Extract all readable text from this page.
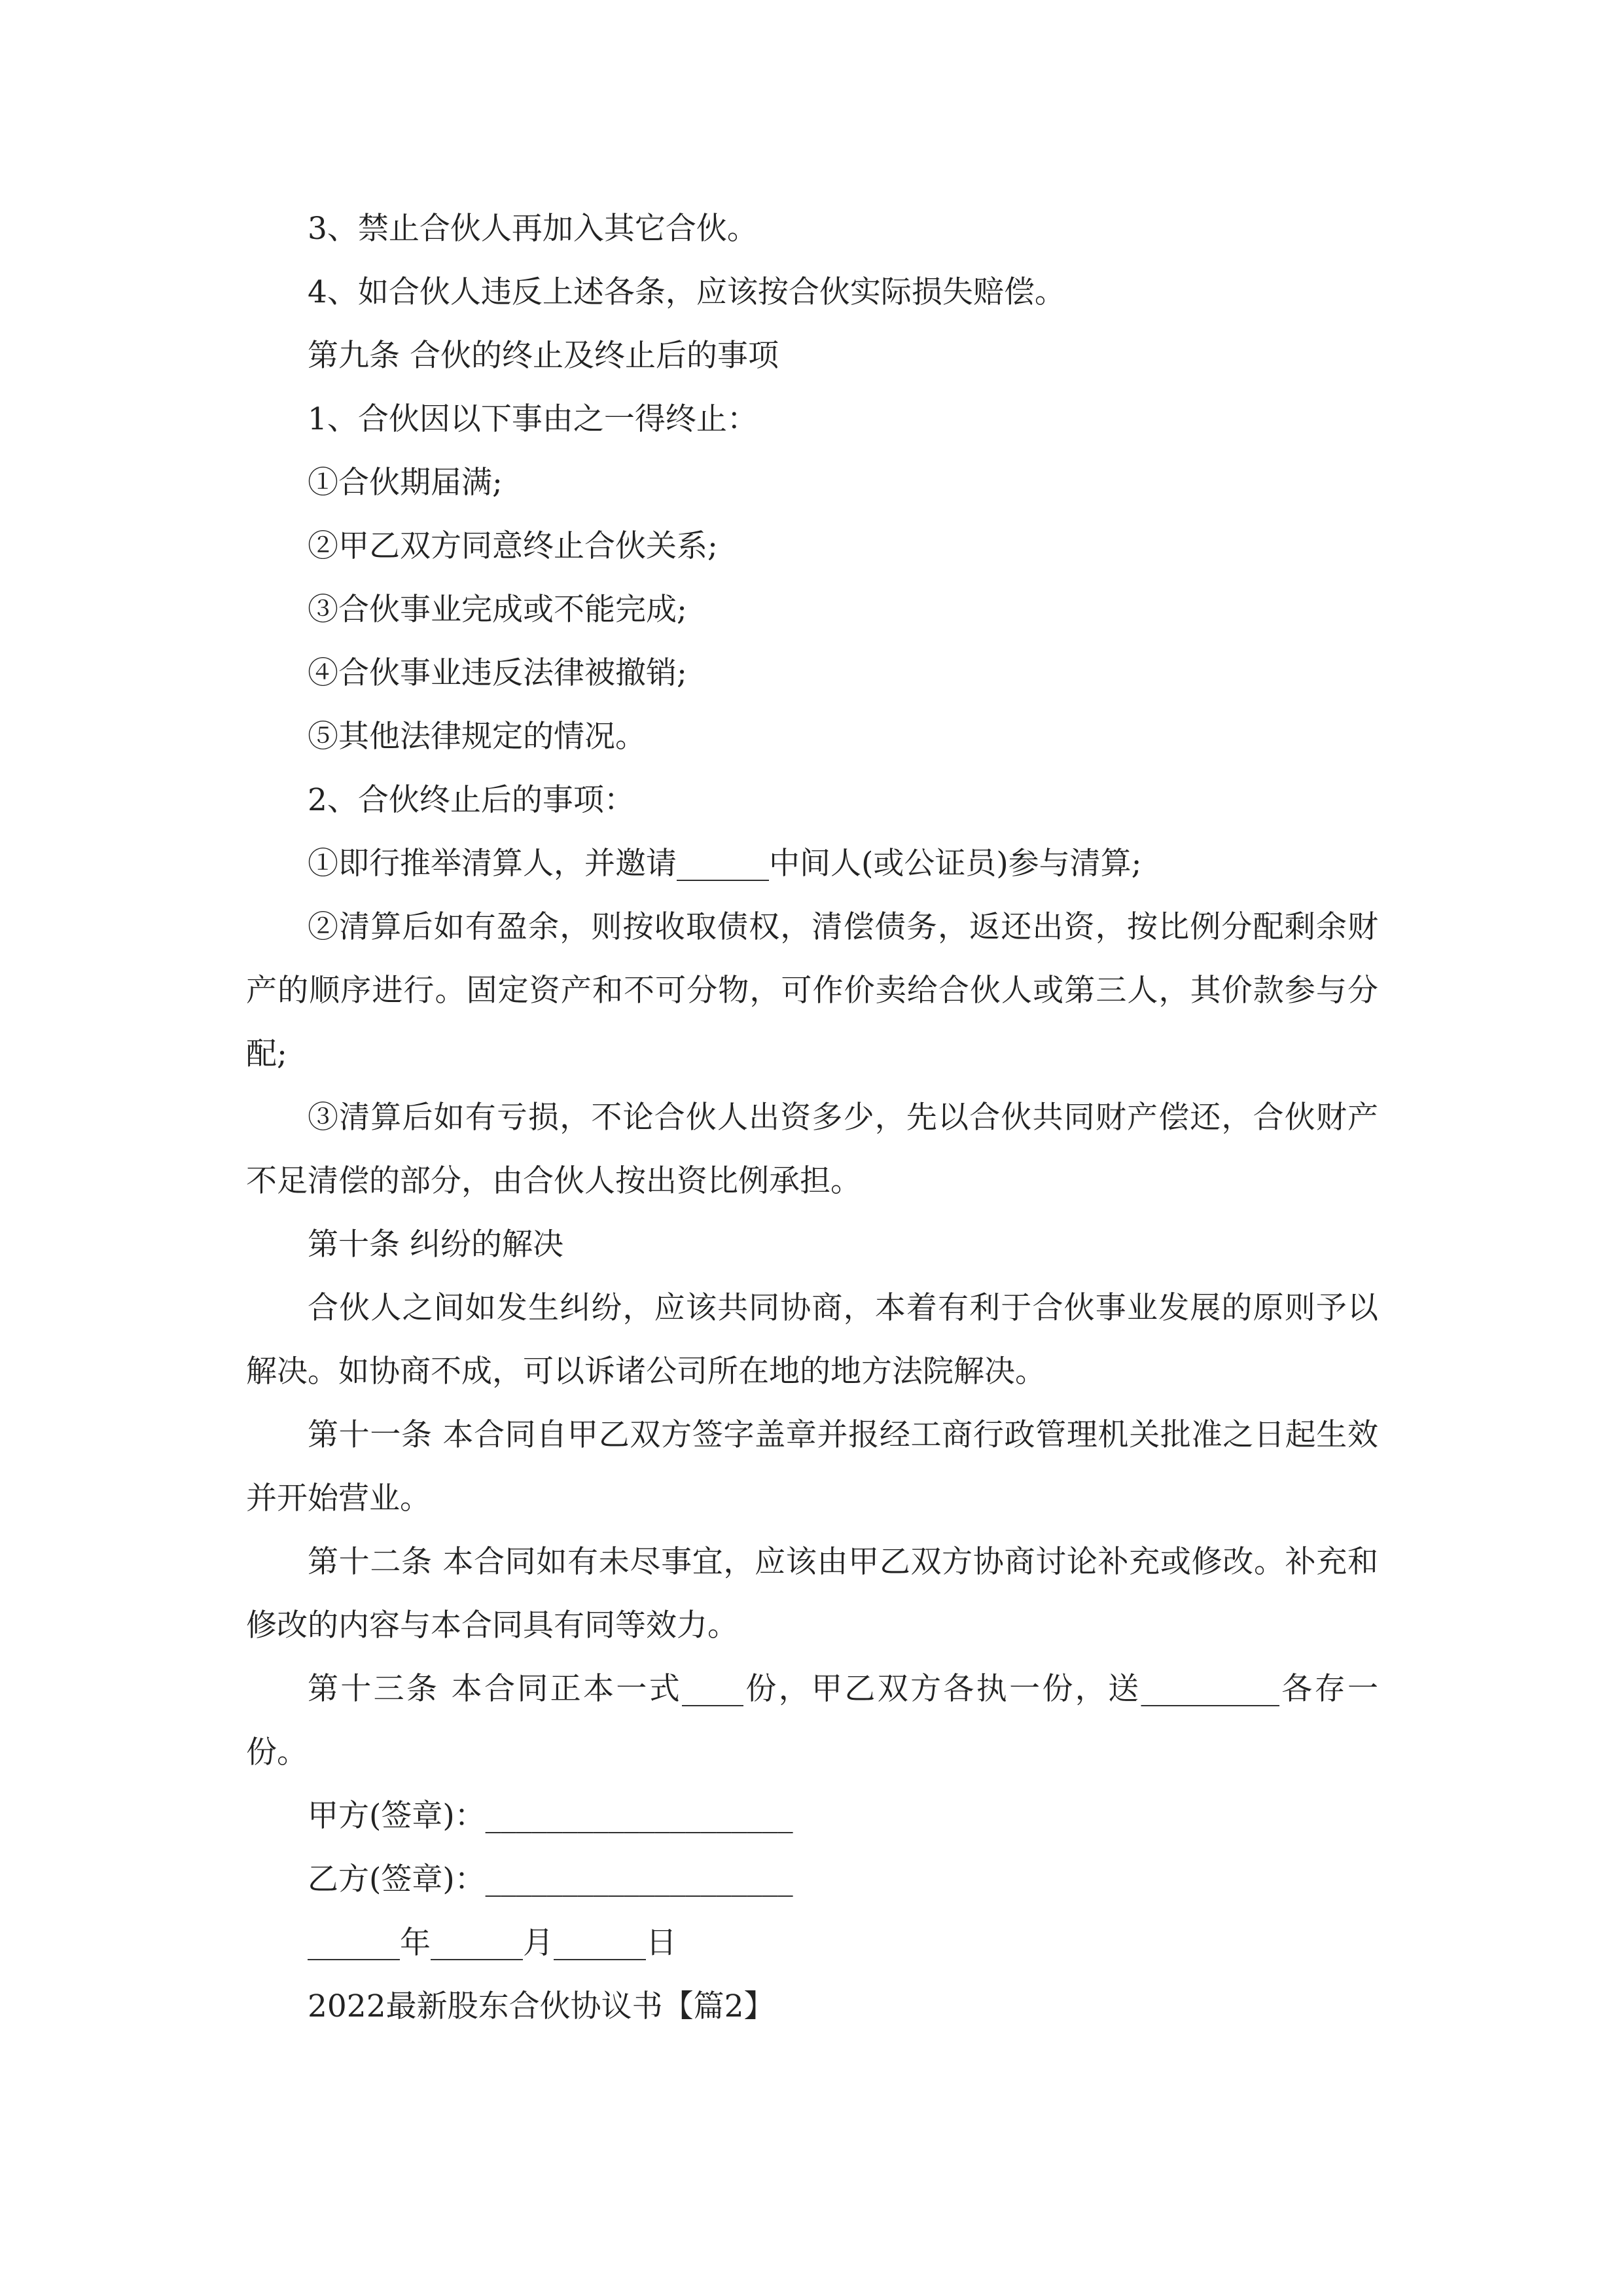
3、禁止合伙人再加入其它合伙。

4、如合伙人违反上述各条，应该按合伙实际损失赔偿。

第九条 合伙的终止及终止后的事项

1、合伙因以下事由之一得终止：

①合伙期届满;

②甲乙双方同意终止合伙关系;

③合伙事业完成或不能完成;

④合伙事业违反法律被撤销;

⑤其他法律规定的情况。

2、合伙终止后的事项：

①即行推举清算人，并邀请______中间人(或公证员)参与清算;

②清算后如有盈余，则按收取债权，清偿债务，返还出资，按比例分配剩余财产的顺序进行。固定资产和不可分物，可作价卖给合伙人或第三人，其价款参与分配;

③清算后如有亏损，不论合伙人出资多少，先以合伙共同财产偿还，合伙财产不足清偿的部分，由合伙人按出资比例承担。

第十条 纠纷的解决

合伙人之间如发生纠纷，应该共同协商，本着有利于合伙事业发展的原则予以解决。如协商不成，可以诉诸公司所在地的地方法院解决。

第十一条 本合同自甲乙双方签字盖章并报经工商行政管理机关批准之日起生效并开始营业。

第十二条 本合同如有未尽事宜，应该由甲乙双方协商讨论补充或修改。补充和修改的内容与本合同具有同等效力。

第十三条 本合同正本一式____份，甲乙双方各执一份，送_________各存一份。

甲方(签章)：____________________

乙方(签章)：____________________

______年______月______日

2022最新股东合伙协议书【篇2】
